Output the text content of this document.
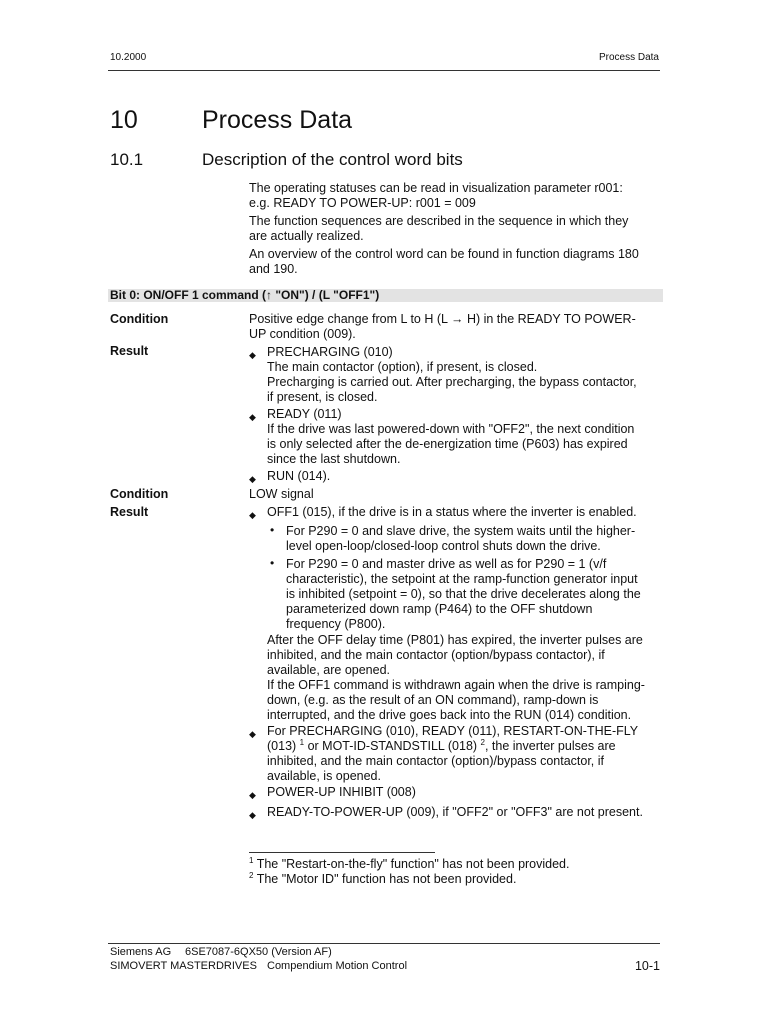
10.2000	Process Data
10	Process Data
10.1	Description of the control word bits
The operating statuses can be read in visualization parameter r001:
e.g. READY TO POWER-UP: r001 = 009
The function sequences are described in the sequence in which they
are actually realized.
An overview of the control word can be found in function diagrams 180
and 190.
Bit 0: ON/OFF 1 command (↑ "ON") / (L "OFF1")
Condition	Positive edge change from L to H (L → H) in the READY TO POWER-
UP condition (009).
Result	◆ PRECHARGING (010)
The main contactor (option), if present, is closed.
Precharging is carried out. After precharging, the bypass contactor,
if present, is closed.
◆ READY (011)
If the drive was last powered-down with "OFF2", the next condition
is only selected after the de-energization time (P603) has expired
since the last shutdown.
◆ RUN (014).
Condition	LOW signal
Result	◆ OFF1 (015), if the drive is in a status where the inverter is enabled.
• For P290 = 0 and slave drive, the system waits until the higher-
level open-loop/closed-loop control shuts down the drive.
• For P290 = 0 and master drive as well as for P290 = 1 (v/f
characteristic), the setpoint at the ramp-function generator input
is inhibited (setpoint = 0), so that the drive decelerates along the
parameterized down ramp (P464) to the OFF shutdown
frequency (P800).
After the OFF delay time (P801) has expired, the inverter pulses are
inhibited, and the main contactor (option/bypass contactor), if
available, are opened.
If the OFF1 command is withdrawn again when the drive is ramping-
down, (e.g. as the result of an ON command), ramp-down is
interrupted, and the drive goes back into the RUN (014) condition.
◆ For PRECHARGING (010), READY (011), RESTART-ON-THE-FLY
(013) $^1$ or MOT-ID-STANDSTILL (018) $^2$, the inverter pulses are
inhibited, and the main contactor (option)/bypass contactor, if
available, is opened.
◆ POWER-UP INHIBIT (008)
◆ READY-TO-POWER-UP (009), if "OFF2" or "OFF3" are not present.
$^1$ The "Restart-on-the-fly" function" has not been provided.
$^2$ The "Motor ID" function has not been provided.
Siemens AG 6SE7087-6QX50 (Version AF)
SIMOVERT MASTERDRIVES Compendium Motion Control	10-1
